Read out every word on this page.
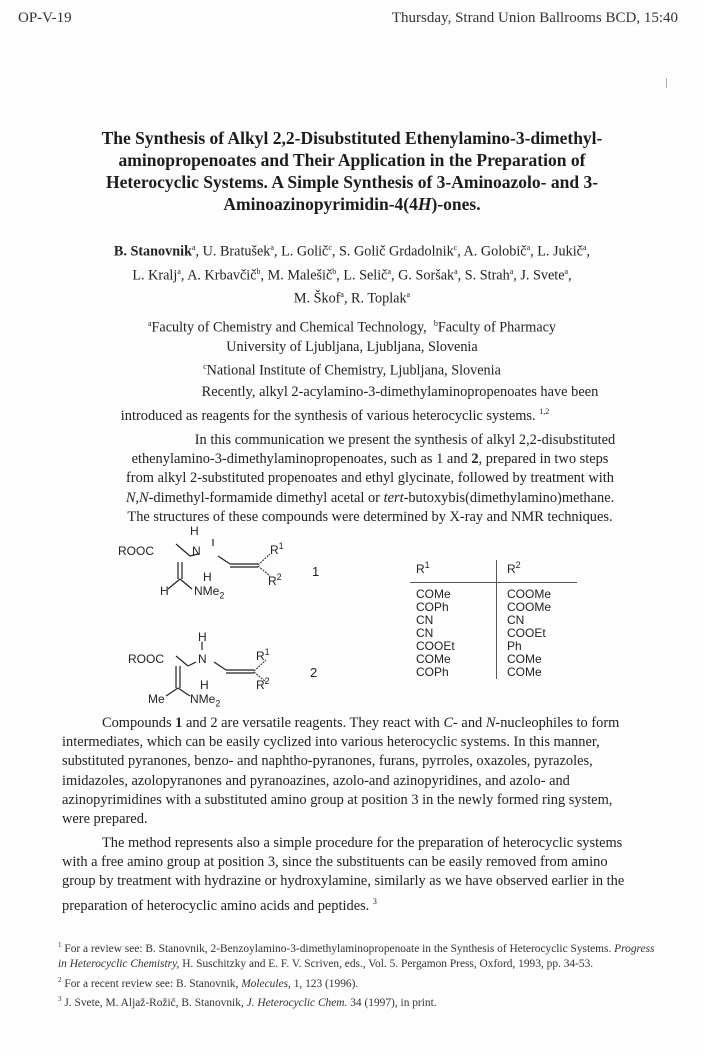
OP-V-19	Thursday, Strand Union Ballrooms BCD, 15:40
The Synthesis of Alkyl 2,2-Disubstituted Ethenylamino-3-dimethyl-
aminopropenoates and Their Application in the Preparation of
Heterocyclic Systems. A Simple Synthesis of 3-Aminoazolo- and 3-
Aminoazinopyrimidin-4(4H)-ones.
B. Stanovnik$^a$, U. Bratušek$^a$, L. Golič$^c$, S. Golič Grdadolnik$^c$, A. Golobič$^a$, L. Jukič$^a$,
L. Kralj$^a$, A. Krbavčič$^b$, M. Malešič$^b$, L. Selič$^a$, G. Soršak$^a$, S. Strah$^a$, J. Svete$^a$,
M. Škof$^a$, R. Toplak$^a$
$^a$Faculty of Chemistry and Chemical Technology, $^b$Faculty of Pharmacy
University of Ljubljana, Ljubljana, Slovenia
$^c$National Institute of Chemistry, Ljubljana, Slovenia
Recently, alkyl 2-acylamino-3-dimethylaminopropenoates have been
introduced as reagents for the synthesis of various heterocyclic systems. $^{1,2}$
In this communication we present the synthesis of alkyl 2,2-disubstituted
ethenylamino-3-dimethylaminopropenoates, such as 1 and 2, prepared in two steps
from alkyl 2-substituted propenoates and ethyl glycinate, followed by treatment with
N,N-dimethyl-formamide dimethyl acetal or tert-butoxybis(dimethylamino)methane.
The structures of these compounds were determined by X-ray and NMR techniques.
H
ROOC	N	$R^1$
H	$R^2$
H NMe$_2$
1
H
ROOC	N	$R^1$
H	$R^2$
Me NMe$_2$
2
$R^1$	$R^2$
COMe	COOMe
COPh	COOMe
CN	CN
CN	COOEt
COOEt	Ph
COMe	COMe
COPh	COMe
Compounds 1 and 2 are versatile reagents. They react with C- and N-nucleophiles to form intermediates, which can be easily cyclized into various heterocyclic systems. In this manner, substituted pyranones, benzo- and naphtho-pyranones, furans, pyrroles, oxazoles, pyrazoles, imidazoles, azolopyranones and pyranoazines, azolo-and azinopyridines, and azolo- and azinopyrimidines with a substituted amino group at position 3 in the newly formed ring system, were prepared.
The method represents also a simple procedure for the preparation of heterocyclic systems with a free amino group at position 3, since the substituents can be easily removed from amino group by treatment with hydrazine or hydroxylamine, similarly as we have observed earlier in the preparation of heterocyclic amino acids and peptides. $^3$
$^1$ For a review see: B. Stanovnik, 2-Benzoylamino-3-dimethylaminopropenoate in the Synthesis of Heterocyclic Systems. Progress in Heterocyclic Chemistry, H. Suschitzky and E. F. V. Scriven, eds., Vol. 5. Pergamon Press, Oxford, 1993, pp. 34-53.
$^2$ For a recent review see: B. Stanovnik, Molecules, 1, 123 (1996).
$^3$ J. Svete, M. Aljaž-Rožič, B. Stanovnik, J. Heterocyclic Chem. 34 (1997), in print.
